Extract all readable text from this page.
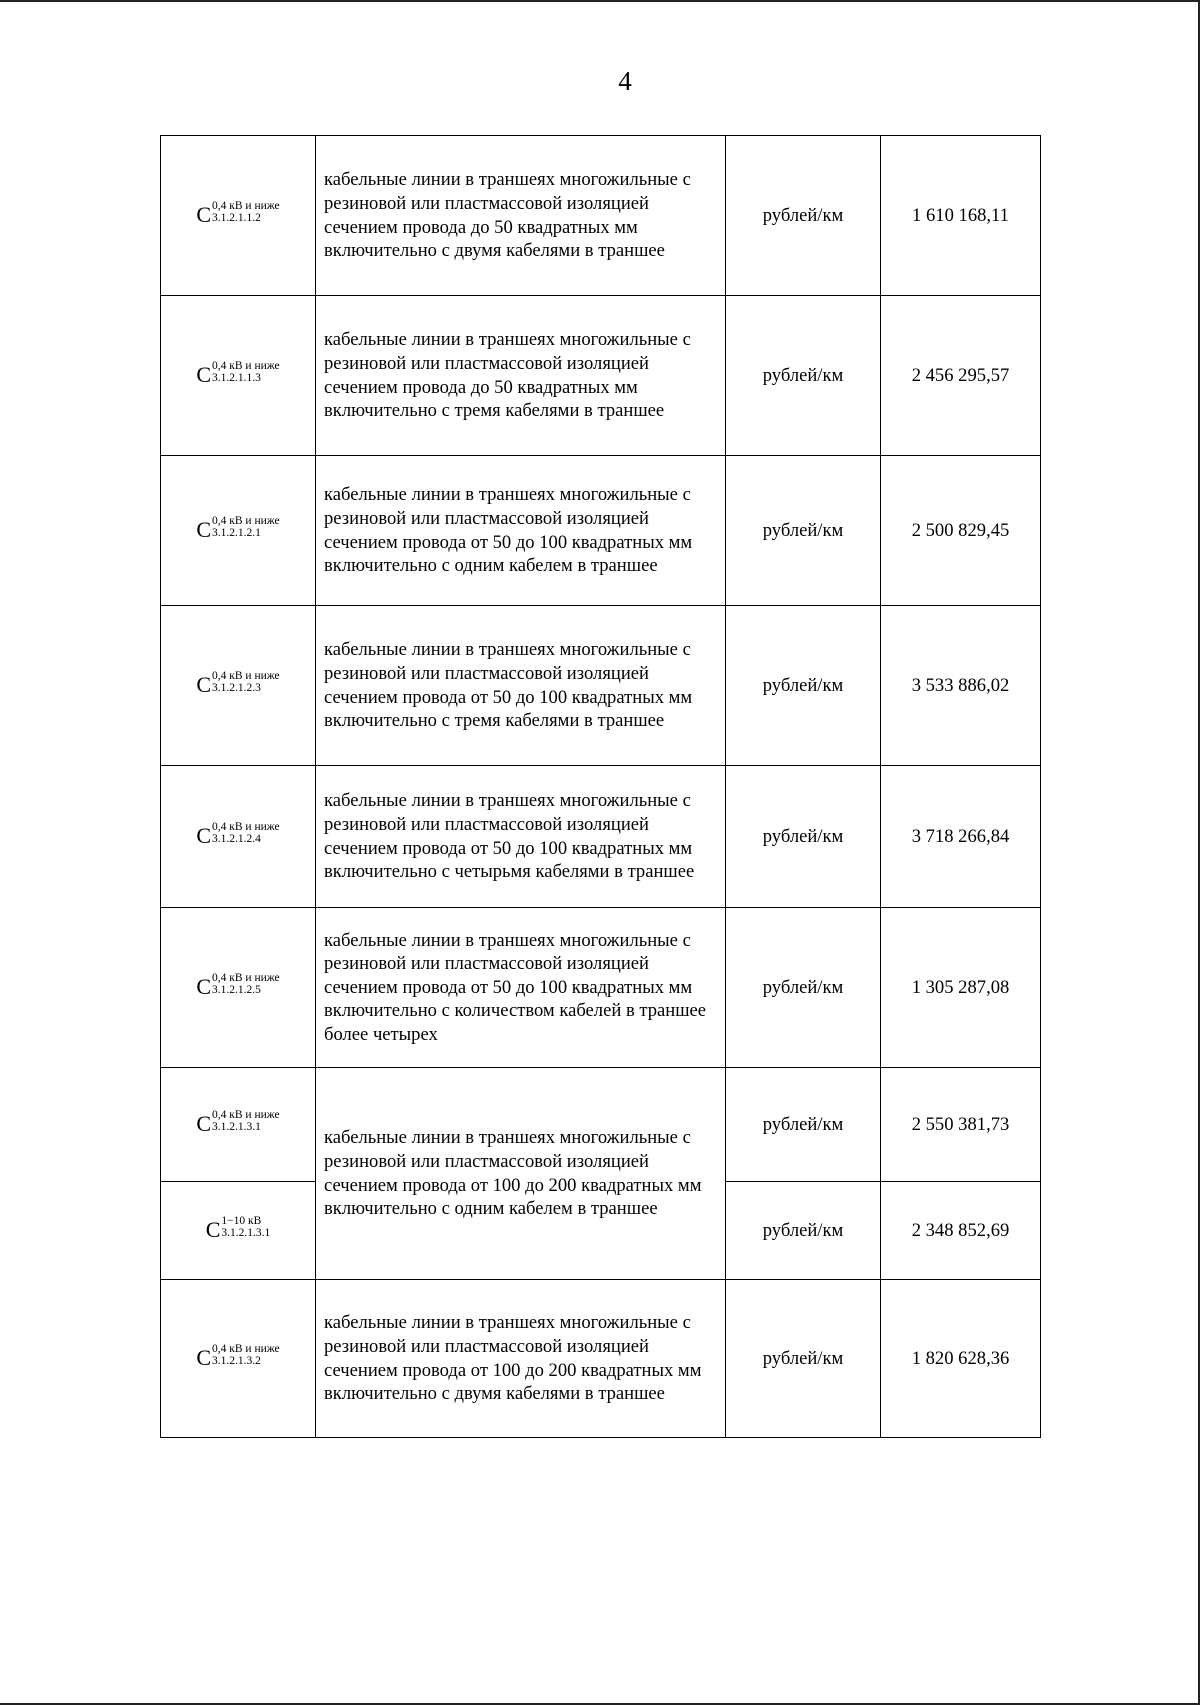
4
C 0,4 кВ и ниже
3.1.2.1.1.2	кабельные линии в траншеях многожильные с резиновой или пластмассовой изоляцией сечением провода до 50 квадратных мм включительно с двумя кабелями в траншее	рублей/км	1 610 168,11

C 0,4 кВ и ниже
3.1.2.1.1.3	кабельные линии в траншеях многожильные с резиновой или пластмассовой изоляцией сечением провода до 50 квадратных мм включительно с тремя кабелями в траншее	рублей/км	2 456 295,57

C 0,4 кВ и ниже
3.1.2.1.2.1	кабельные линии в траншеях многожильные с резиновой или пластмассовой изоляцией сечением провода от 50 до 100 квадратных мм включительно с одним кабелем в траншее	рублей/км	2 500 829,45

C 0,4 кВ и ниже
3.1.2.1.2.3	кабельные линии в траншеях многожильные с резиновой или пластмассовой изоляцией сечением провода от 50 до 100 квадратных мм включительно с тремя кабелями в траншее	рублей/км	3 533 886,02

C 0,4 кВ и ниже
3.1.2.1.2.4	кабельные линии в траншеях многожильные с резиновой или пластмассовой изоляцией сечением провода от 50 до 100 квадратных мм включительно с четырьмя кабелями в траншее	рублей/км	3 718 266,84

C 0,4 кВ и ниже
3.1.2.1.2.5	кабельные линии в траншеях многожильные с резиновой или пластмассовой изоляцией сечением провода от 50 до 100 квадратных мм включительно с количеством кабелей в траншее более четырех	рублей/км	1 305 287,08

C 0,4 кВ и ниже
3.1.2.1.3.1	кабельные линии в траншеях многожильные с резиновой или пластмассовой изоляцией сечением провода от 100 до 200 квадратных мм включительно с одним кабелем в траншее	рублей/км	2 550 381,73

C 1−10 кВ
3.1.2.1.3.1		рублей/км	2 348 852,69

C 0,4 кВ и ниже
3.1.2.1.3.2	кабельные линии в траншеях многожильные с резиновой или пластмассовой изоляцией сечением провода от 100 до 200 квадратных мм включительно с двумя кабелями в траншее	рублей/км	1 820 628,36
